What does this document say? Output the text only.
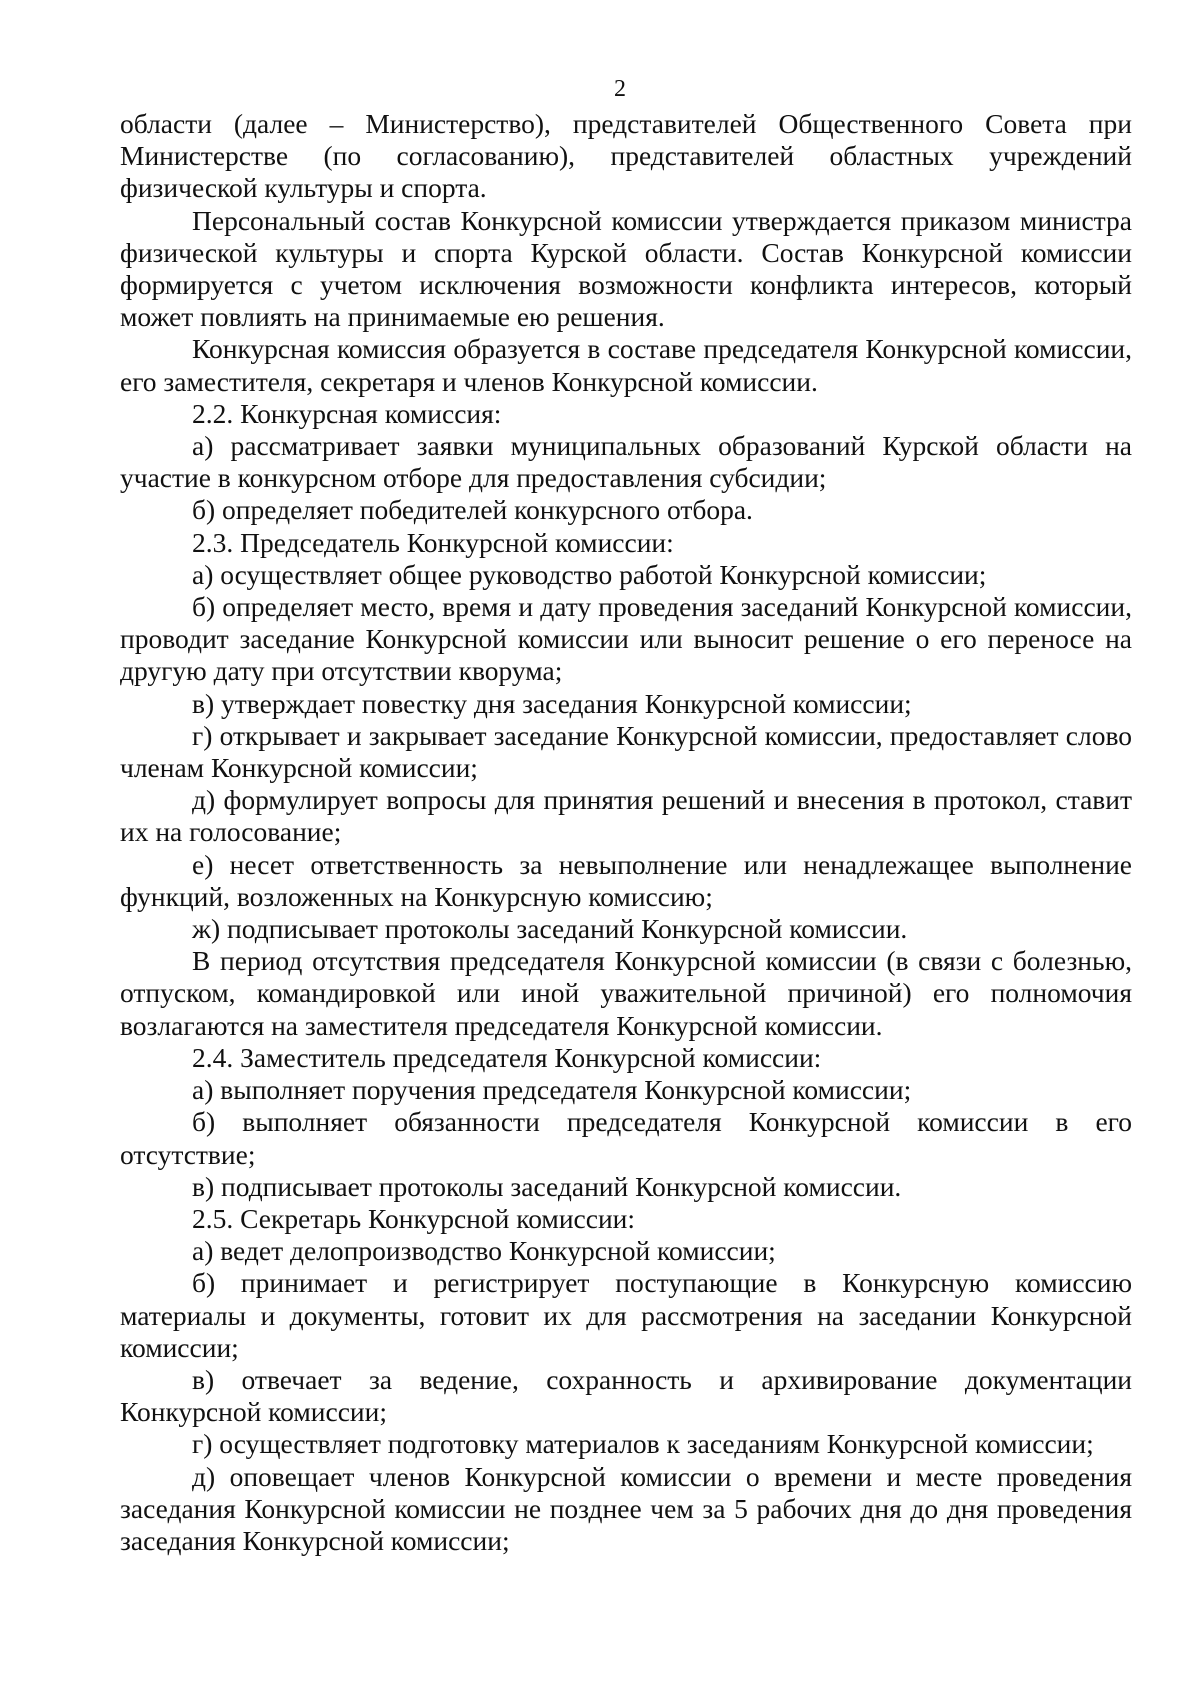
2

области (далее – Министерство), представителей Общественного Совета при Министерстве (по согласованию), представителей областных учреждений физической культуры и спорта.

Персональный состав Конкурсной комиссии утверждается приказом министра физической культуры и спорта Курской области. Состав Конкурсной комиссии формируется с учетом исключения возможности конфликта интересов, который может повлиять на принимаемые ею решения.

Конкурсная комиссия образуется в составе председателя Конкурсной комиссии, его заместителя, секретаря и членов Конкурсной комиссии.

2.2. Конкурсная комиссия:

а) рассматривает заявки муниципальных образований Курской области на участие в конкурсном отборе для предоставления субсидии;

б) определяет победителей конкурсного отбора.

2.3. Председатель Конкурсной комиссии:

а) осуществляет общее руководство работой Конкурсной комиссии;

б) определяет место, время и дату проведения заседаний Конкурсной комиссии, проводит заседание Конкурсной комиссии или выносит решение о его переносе на другую дату при отсутствии кворума;

в) утверждает повестку дня заседания Конкурсной комиссии;

г) открывает и закрывает заседание Конкурсной комиссии, предоставляет слово членам Конкурсной комиссии;

д) формулирует вопросы для принятия решений и внесения в протокол, ставит их на голосование;

е) несет ответственность за невыполнение или ненадлежащее выполнение функций, возложенных на Конкурсную комиссию;

ж) подписывает протоколы заседаний Конкурсной комиссии.

В период отсутствия председателя Конкурсной комиссии (в связи с болезнью, отпуском, командировкой или иной уважительной причиной) его полномочия возлагаются на заместителя председателя Конкурсной комиссии.

2.4. Заместитель председателя Конкурсной комиссии:

а) выполняет поручения председателя Конкурсной комиссии;

б) выполняет обязанности председателя Конкурсной комиссии в его отсутствие;

в) подписывает протоколы заседаний Конкурсной комиссии.

2.5. Секретарь Конкурсной комиссии:

а) ведет делопроизводство Конкурсной комиссии;

б) принимает и регистрирует поступающие в Конкурсную комиссию материалы и документы, готовит их для рассмотрения на заседании Конкурсной комиссии;

в) отвечает за ведение, сохранность и архивирование документации Конкурсной комиссии;

г) осуществляет подготовку материалов к заседаниям Конкурсной комиссии;

д) оповещает членов Конкурсной комиссии о времени и месте проведения заседания Конкурсной комиссии не позднее чем за 5 рабочих дня до дня проведения заседания Конкурсной комиссии;
